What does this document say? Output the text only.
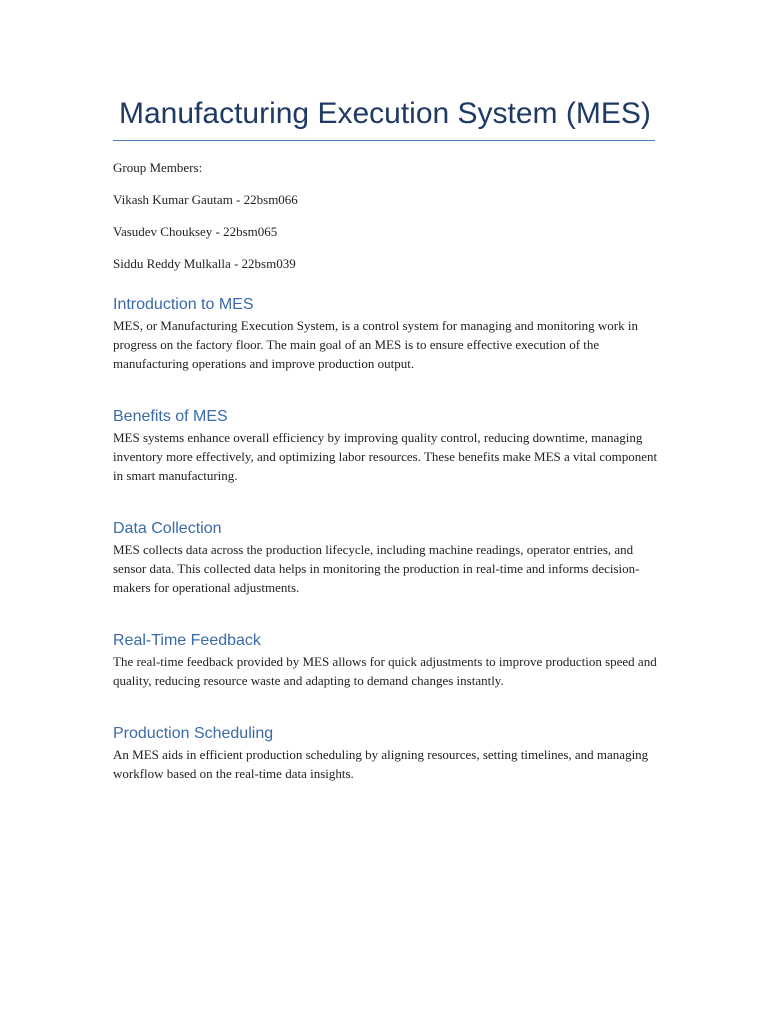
Manufacturing Execution System (MES)

Group Members:

Vikash Kumar Gautam - 22bsm066

Vasudev Chouksey - 22bsm065

Siddu Reddy Mulkalla - 22bsm039

Introduction to MES

MES, or Manufacturing Execution System, is a control system for managing and monitoring work in progress on the factory floor. The main goal of an MES is to ensure effective execution of the manufacturing operations and improve production output.

Benefits of MES

MES systems enhance overall efficiency by improving quality control, reducing downtime, managing inventory more effectively, and optimizing labor resources. These benefits make MES a vital component in smart manufacturing.

Data Collection

MES collects data across the production lifecycle, including machine readings, operator entries, and sensor data. This collected data helps in monitoring the production in real-time and informs decision-makers for operational adjustments.

Real-Time Feedback

The real-time feedback provided by MES allows for quick adjustments to improve production speed and quality, reducing resource waste and adapting to demand changes instantly.

Production Scheduling

An MES aids in efficient production scheduling by aligning resources, setting timelines, and managing workflow based on the real-time data insights.
